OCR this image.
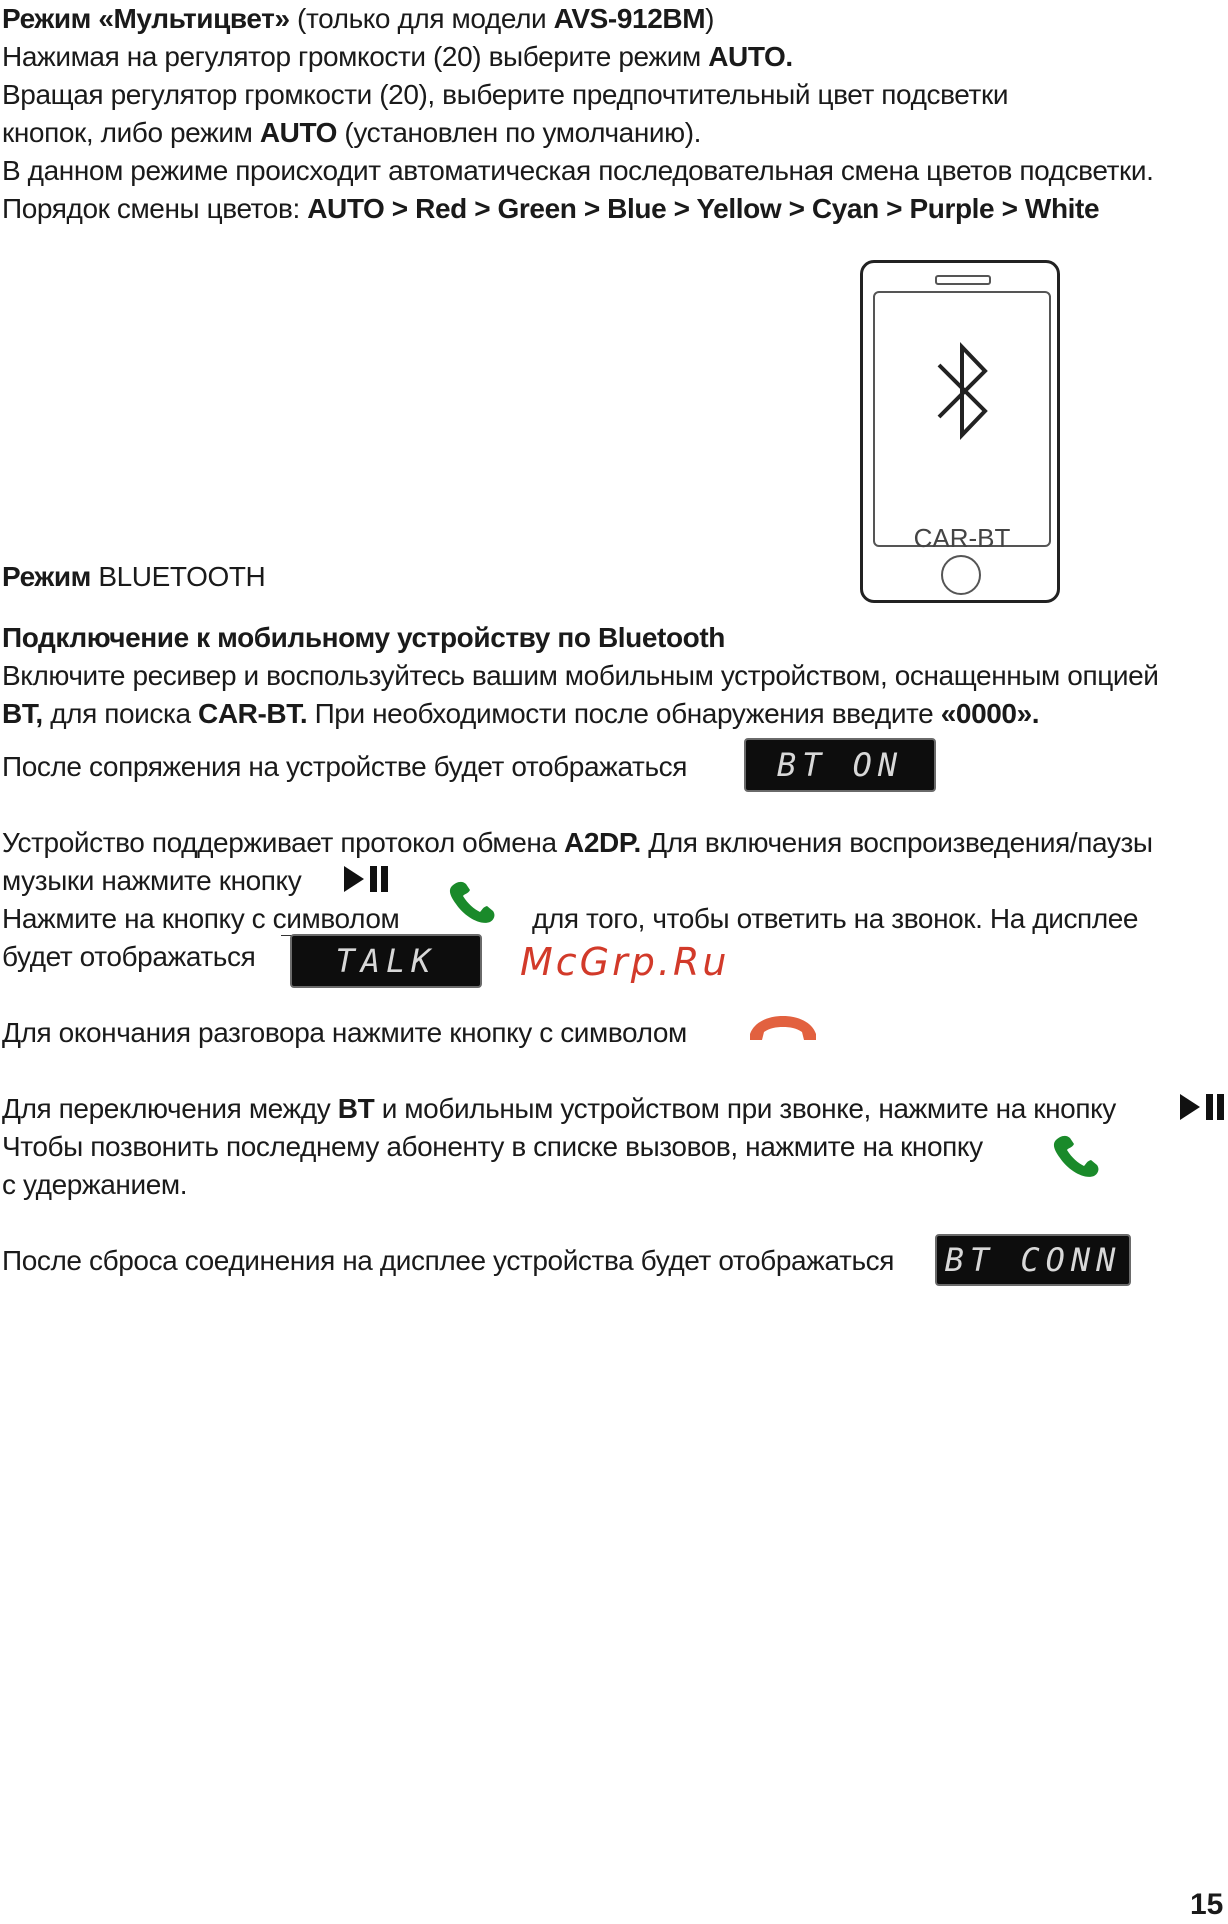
Режим «Мультицвет» (только для модели AVS-912BM)
Нажимая на регулятор громкости (20) выберите режим AUTO.
Вращая регулятор громкости (20), выберите предпочтительный цвет подсветки
кнопок, либо режим AUTO (установлен по умолчанию).
В данном режиме происходит автоматическая последовательная смена цветов подсветки.
Порядок смены цветов: AUTO > Red > Green > Blue > Yellow > Cyan > Purple > White
CAR-BT
Режим BLUETOOTH
Подключение к мобильному устройству по Bluetooth
Включите ресивер и воспользуйтесь вашим мобильным устройством, оснащенным опцией
BT, для поиска CAR-BT. При необходимости после обнаружения введите «0000».
После сопряжения на устройстве будет отображаться	BT ON
Устройство поддерживает протокол обмена A2DP. Для включения воспроизведения/паузы
музыки нажмите кнопку
Нажмите на кнопку с символом	для того, чтобы ответить на звонок. На дисплее
будет отображаться	TALK	McGrp.Ru
Для окончания разговора нажмите кнопку с символом
Для переключения между BT и мобильным устройством при звонке, нажмите на кнопку
Чтобы позвонить последнему абоненту в списке вызовов, нажмите на кнопку
с удержанием.
После сброса соединения на дисплее устройства будет отображаться BT CONN
15
